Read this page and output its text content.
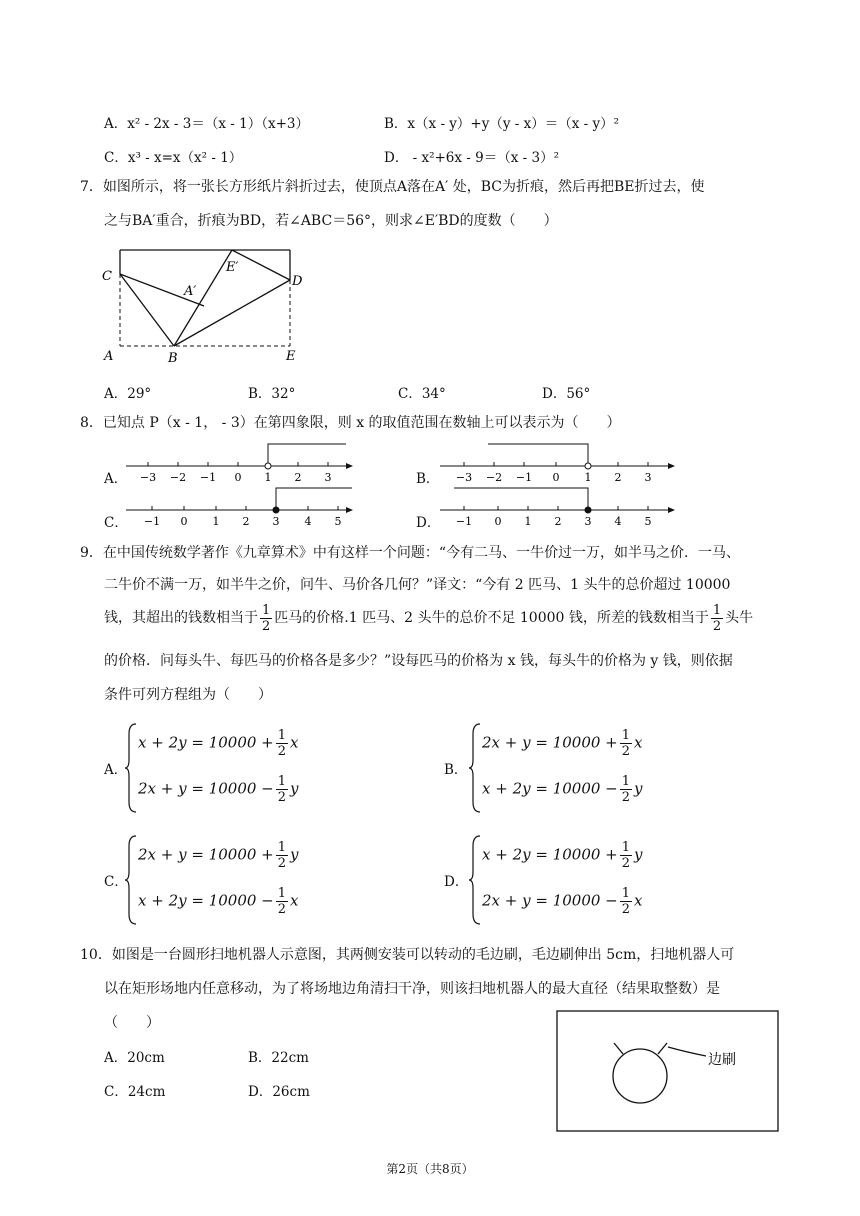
A．x² - 2x - 3＝（x - 1）（x+3）	B．x（x - y）+y（y - x）＝（x - y）²
C．x³ - x=x（x² - 1）	D． - x²+6x - 9＝（x - 3）²
7．如图所示，将一张长方形纸片斜折过去，使顶点A落在A′ 处，BC为折痕，然后再把BE折过去，使
之与BA′重合，折痕为BD，若∠ABC＝56°，则求∠E′BD的度数（　　）
C
A	B	E
D
A′
E′
A．29°	B．32°	C．34°	D．56°
8．已知点 P（x - 1， - 3）在第四象限，则 x 的取值范围在数轴上可以表示为（　　）
A． −3 −2 −1 0 1 2 3	B． −3 −2 −1 0 1 2 3
C． −1 0 1 2 3 4 5	D． −1 0 1 2 3 4 5
9．在中国传统数学著作《九章算术》中有这样一个问题：“今有二马、一牛价过一万，如半马之价．一马、
二牛价不满一万，如半牛之价，问牛、马价各几何？”译文：“今有 2 匹马、1 头牛的总价超过 10000
钱，其超出的钱数相当于 $\frac{1}{2}$ 匹马的价格.1 匹马、2 头牛的总价不足 10000 钱，所差的钱数相当于 $\frac{1}{2}$ 头牛
的价格．问每头牛、每匹马的价格各是多少？”设每匹马的价格为 x 钱，每头牛的价格为 y 钱，则依据
条件可列方程组为（　　）
A．
$x + 2y = 10000 + \frac{1}{2}$ x
$2x + y = 10000 - \frac{1}{2}$ y
B．
$2x + y = 10000 + \frac{1}{2}$ x
$x + 2y = 10000 - \frac{1}{2}$ y
C．
$2x + y = 10000 + \frac{1}{2}$ y
$x + 2y = 10000 - \frac{1}{2}$ x
D．
$x + 2y = 10000 + \frac{1}{2}$ y
$2x + y = 10000 - \frac{1}{2}$ x
10．如图是一台圆形扫地机器人示意图，其两侧安装可以转动的毛边刷，毛边刷伸出 5cm，扫地机器人可
以在矩形场地内任意移动，为了将场地边角清扫干净，则该扫地机器人的最大直径（结果取整数）是
（　　）
A．20cm	B．22cm
C．24cm	D．26cm
边刷
第2页（共8页）
